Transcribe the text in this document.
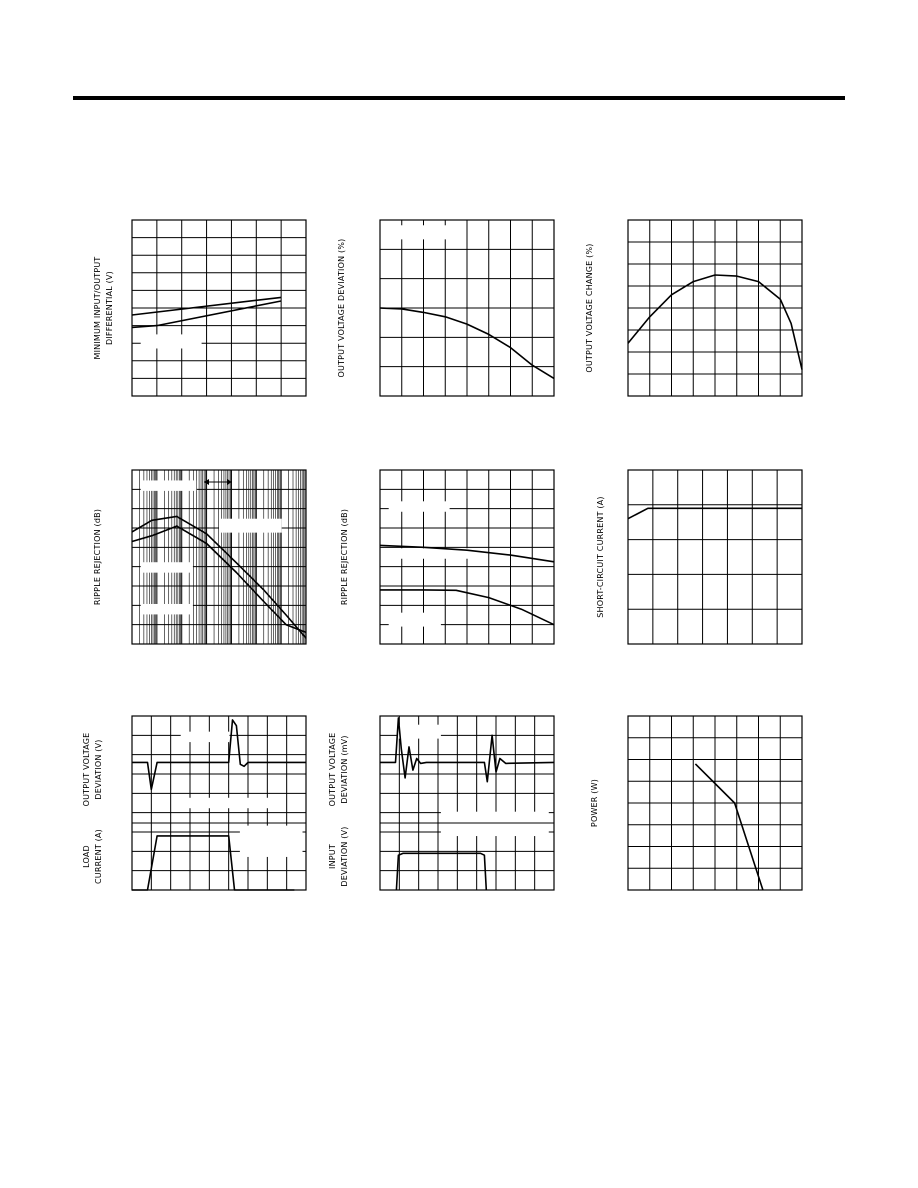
MINIMUM INPUT/OUTPUT DIFFERENTIAL (V)	OUTPUT VOLTAGE DEVIATION (%)	OUTPUT VOLTAGE CHANGE (%)
RIPPLE REJECTION (dB)	RIPPLE REJECTION (dB)	SHORT-CIRCUIT CURRENT (A)
OUTPUT VOLTAGE DEVIATION (V)
LOAD CURRENT (A)
OUTPUT VOLTAGE DEVIATION (mV)
INPUT DEVIATION (V)
POWER (W)
